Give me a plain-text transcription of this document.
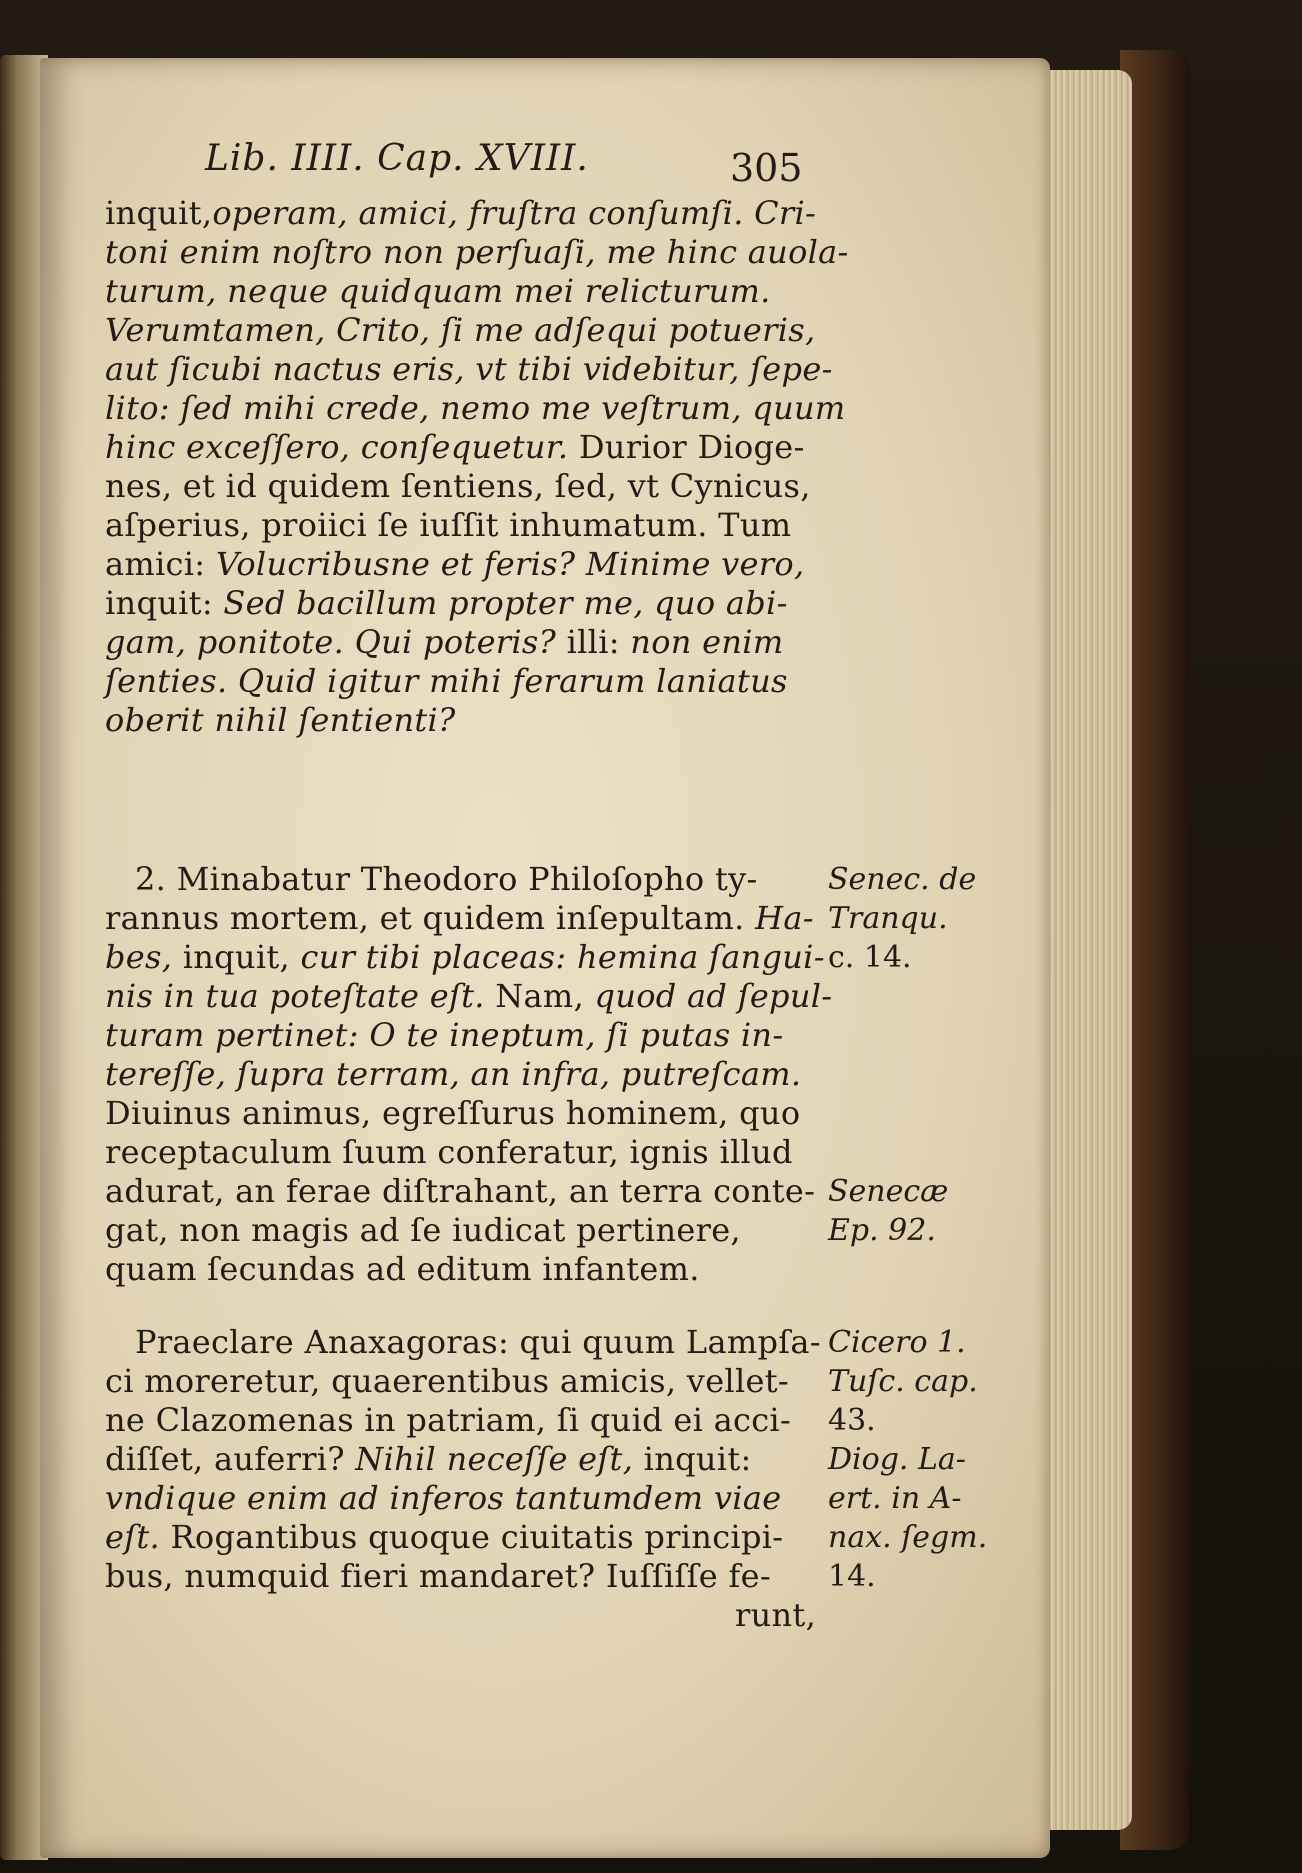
Lib. IIII. Cap. XVIII.	305
inquit,operam, amici, fruſtra conſumſi. Cri-
toni enim noſtro non perſuaſi, me hinc auola-
turum, neque quidquam mei relicturum.
Verumtamen, Crito, ſi me adſequi potueris,
aut ſicubi nactus eris, vt tibi videbitur, ſepe-
lito: ſed mihi crede, nemo me veſtrum, quum
hinc exceſſero, conſequetur. Durior Dioge-
nes, et id quidem ſentiens, ſed, vt Cynicus,
aſperius, proiici ſe iuſſit inhumatum. Tum
amici: Volucribusne et feris? Minime vero,
inquit: Sed bacillum propter me, quo abi-
gam, ponitote. Qui poteris? illi: non enim
ſenties. Quid igitur mihi ferarum laniatus
oberit nihil ſentienti?
2. Minabatur Theodoro Philoſopho ty-
rannus mortem, et quidem inſepultam. Ha-
bes, inquit, cur tibi placeas: hemina ſangui-
nis in tua poteſtate eſt. Nam, quod ad ſepul-
turam pertinet: O te ineptum, ſi putas in-
tereſſe, ſupra terram, an infra, putreſcam.
Diuinus animus, egreſſurus hominem, quo
receptaculum ſuum conferatur, ignis illud
adurat, an ferae diſtrahant, an terra conte-
gat, non magis ad ſe iudicat pertinere,
quam ſecundas ad editum infantem.
Praeclare Anaxagoras: qui quum Lampſa-
ci moreretur, quaerentibus amicis, vellet-
ne Clazomenas in patriam, ſi quid ei acci-
diſſet, auferri? Nihil neceſſe eſt, inquit:
vndique enim ad inferos tantumdem viae
eſt. Rogantibus quoque ciuitatis principi-
bus, numquid fieri mandaret? Iuſſiſſe fe-
runt,
Senec. de
Tranqu.
c. 14.
Senecæ
Ep. 92.
Cicero 1.
Tuſc. cap.
43.
Diog. La-
ert. in A-
nax. ſegm.
14.
